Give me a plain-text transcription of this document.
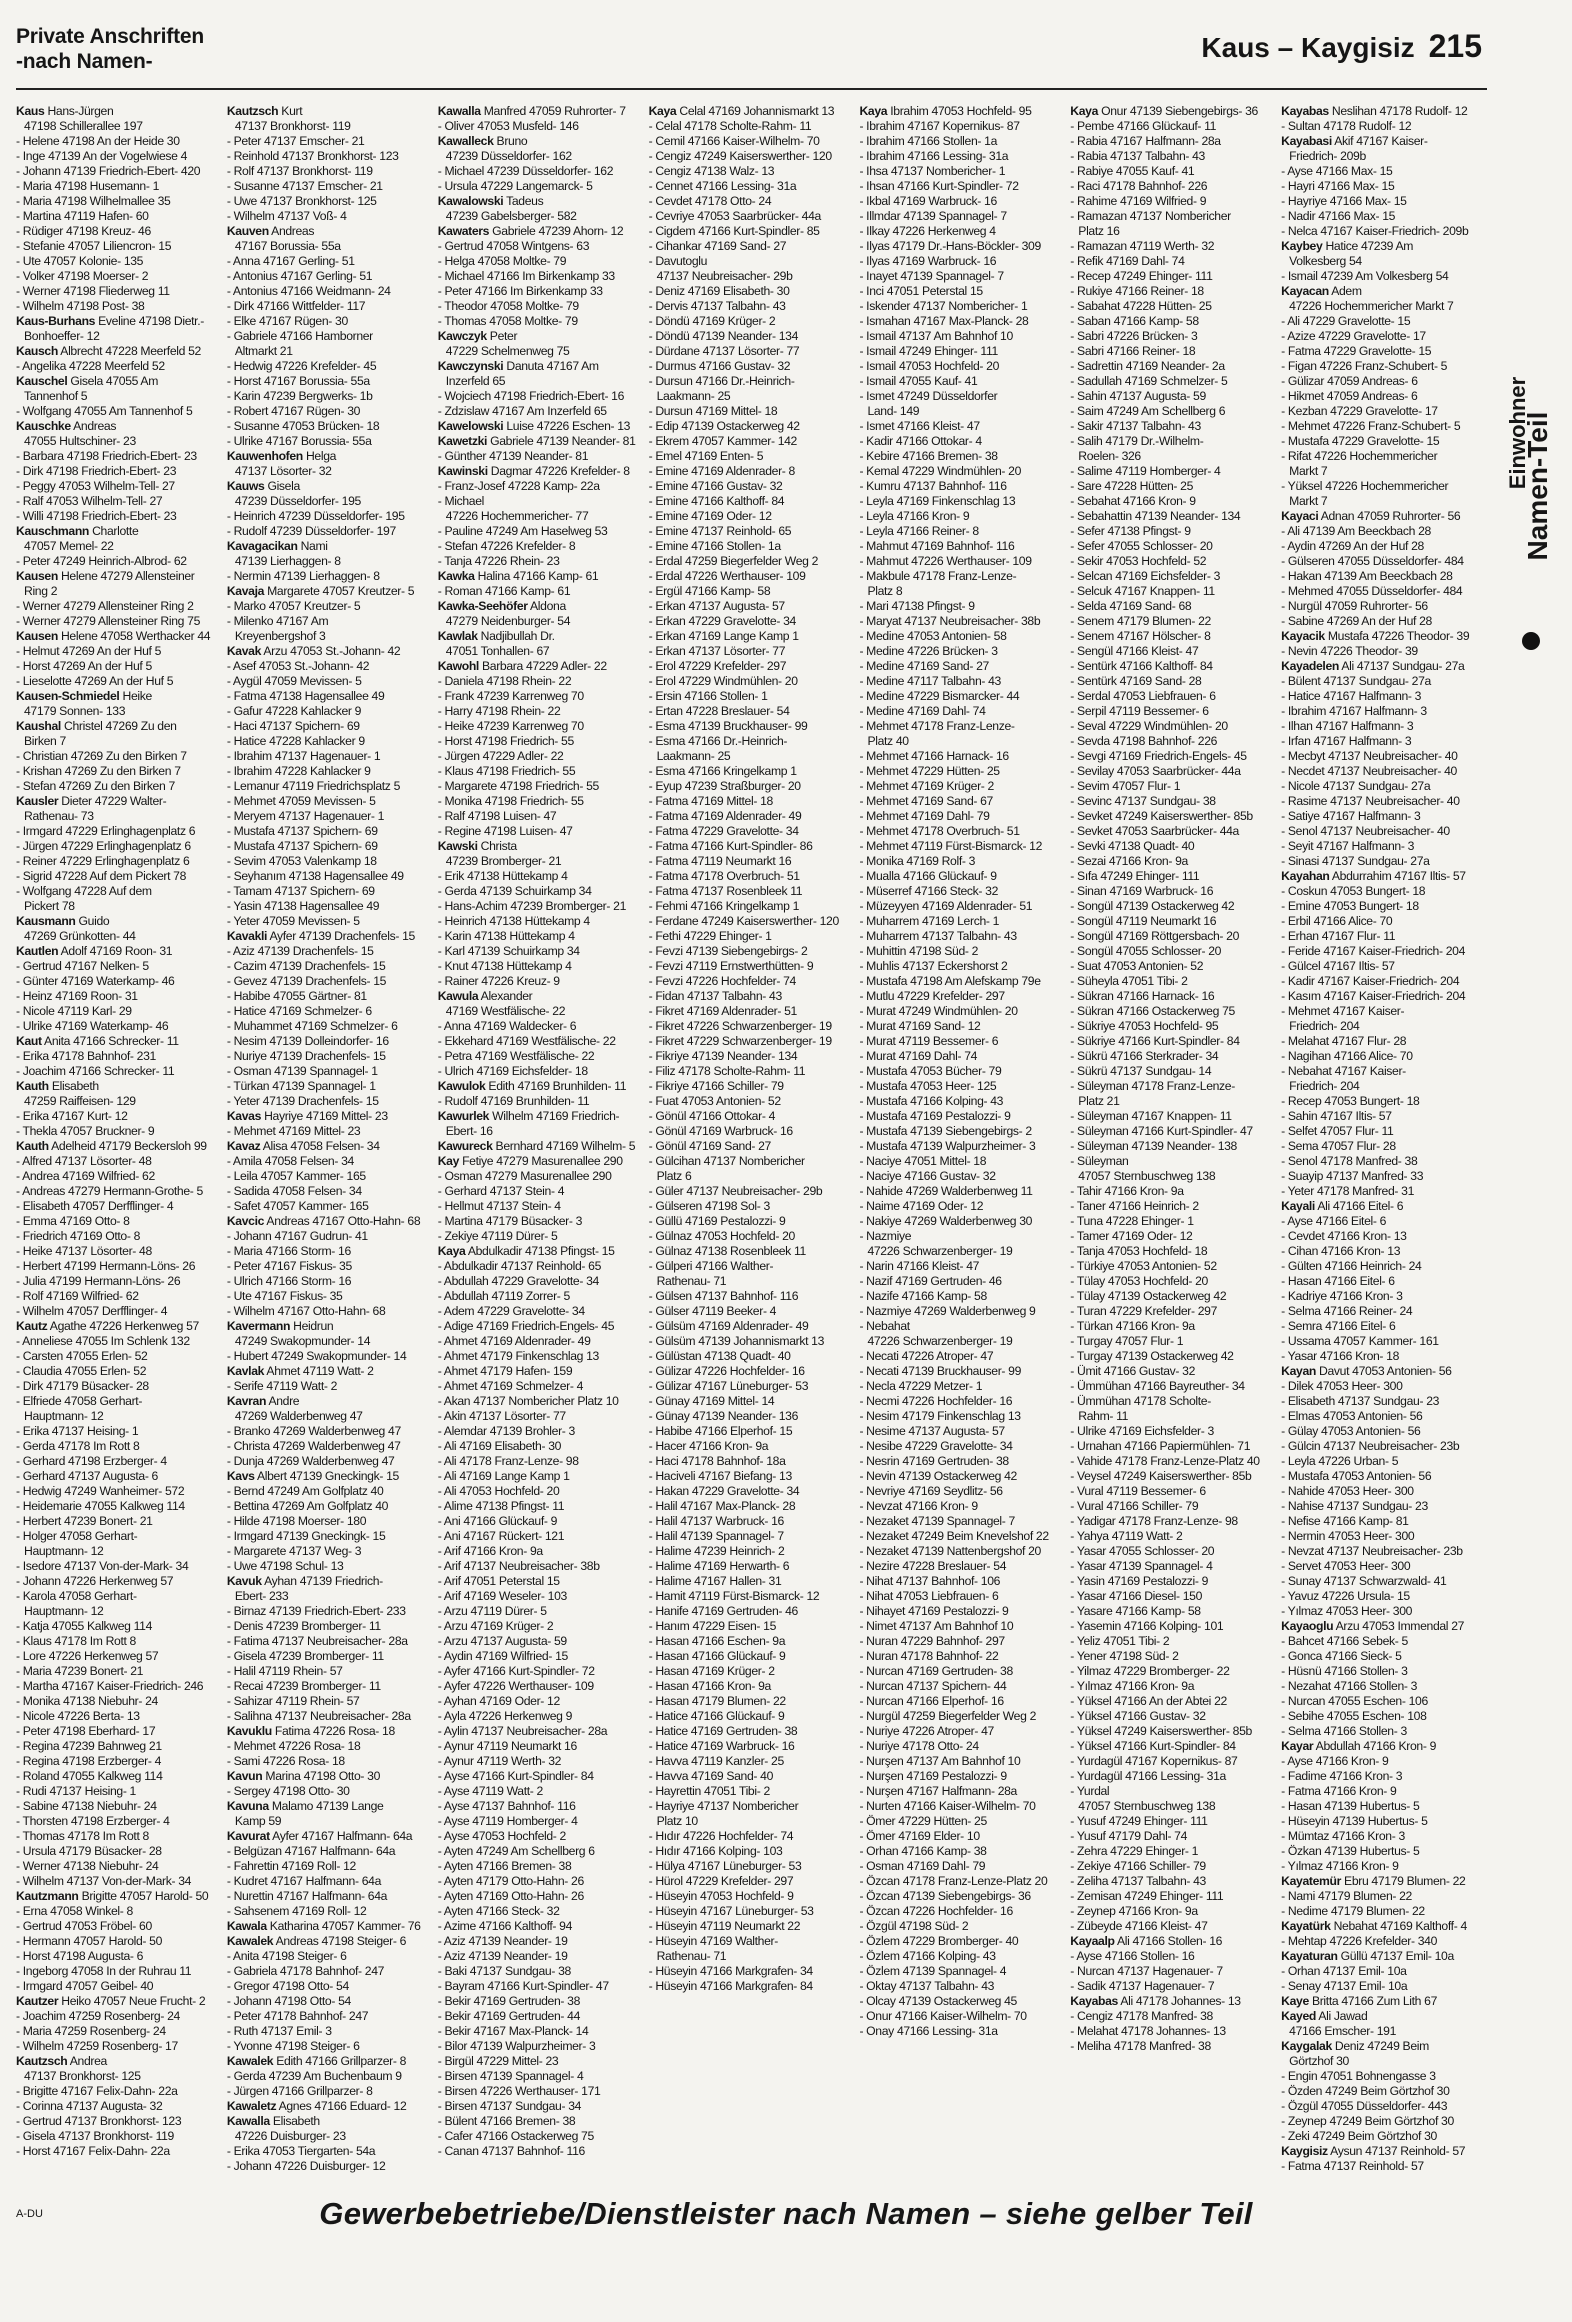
Private Anschriften
-nach Namen-	Kaus – Kaygisiz 215
Kaus Hans-Jürgen
47198 Schillerallee 197
- Helene 47198 An der Heide 30
- Inge 47139 An der Vogelwiese 4
- Johann 47139 Friedrich-Ebert- 420
- Maria 47198 Husemann- 1
- Maria 47198 Wilhelmallee 35
- Martina 47119 Hafen- 60
- Rüdiger 47198 Kreuz- 46
- Stefanie 47057 Liliencron- 15
- Ute 47057 Kolonie- 135
- Volker 47198 Moerser- 2
- Werner 47198 Fliederweg 11
- Wilhelm 47198 Post- 38
Kaus-Burhans Eveline 47198 Dietr.-
Bonhoeffer- 12
Kausch Albrecht 47228 Meerfeld 52
- Angelika 47228 Meerfeld 52
Kauschel Gisela 47055 Am
Tannenhof 5
- Wolfgang 47055 Am Tannenhof 5
Kauschke Andreas
47055 Hultschiner- 23
- Barbara 47198 Friedrich-Ebert- 23
- Dirk 47198 Friedrich-Ebert- 23
- Peggy 47053 Wilhelm-Tell- 27
- Ralf 47053 Wilhelm-Tell- 27
- Willi 47198 Friedrich-Ebert- 23
Kauschmann Charlotte
47057 Memel- 22
- Peter 47249 Heinrich-Albrod- 62
Kausen Helene 47279 Allensteiner
Ring 2
- Werner 47279 Allensteiner Ring 2
- Werner 47279 Allensteiner Ring 75
Kausen Helene 47058 Werthacker 44
- Helmut 47269 An der Huf 5
- Horst 47269 An der Huf 5
- Lieselotte 47269 An der Huf 5
Kausen-Schmiedel Heike
47179 Sonnen- 133
Kaushal Christel 47269 Zu den
Birken 7
- Christian 47269 Zu den Birken 7
- Krishan 47269 Zu den Birken 7
- Stefan 47269 Zu den Birken 7
Kausler Dieter 47229 Walter-
Rathenau- 73
- Irmgard 47229 Erlinghagenplatz 6
- Jürgen 47229 Erlinghagenplatz 6
- Reiner 47229 Erlinghagenplatz 6
- Sigrid 47228 Auf dem Pickert 78
- Wolfgang 47228 Auf dem
Pickert 78
Kausmann Guido
47269 Grünkotten- 44
Kautlen Adolf 47169 Roon- 31
- Gertrud 47167 Nelken- 5
- Günter 47169 Waterkamp- 46
- Heinz 47169 Roon- 31
- Nicole 47119 Karl- 29
- Ulrike 47169 Waterkamp- 46
Kaut Anita 47166 Schrecker- 11
- Erika 47178 Bahnhof- 231
- Joachim 47166 Schrecker- 11
Kauth Elisabeth
47259 Raiffeisen- 129
- Erika 47167 Kurt- 12
- Thekla 47057 Bruckner- 9
Kauth Adelheid 47179 Beckersloh 99
- Alfred 47137 Lösorter- 48
- Andrea 47169 Wilfried- 62
- Andreas 47279 Hermann-Grothe- 5
- Elisabeth 47057 Derfflinger- 4
- Emma 47169 Otto- 8
- Friedrich 47169 Otto- 8
- Heike 47137 Lösorter- 48
- Herbert 47199 Hermann-Löns- 26
- Julia 47199 Hermann-Löns- 26
- Rolf 47169 Wilfried- 62
- Wilhelm 47057 Derfflinger- 4
Kautz Agathe 47226 Herkenweg 57
- Anneliese 47055 Im Schlenk 132
- Carsten 47055 Erlen- 52
- Claudia 47055 Erlen- 52
- Dirk 47179 Büsacker- 28
- Elfriede 47058 Gerhart-
Hauptmann- 12
- Erika 47137 Heising- 1
- Gerda 47178 Im Rott 8
- Gerhard 47198 Erzberger- 4
- Gerhard 47137 Augusta- 6
- Hedwig 47249 Wanheimer- 572
- Heidemarie 47055 Kalkweg 114
- Herbert 47239 Bonert- 21
- Holger 47058 Gerhart-
Hauptmann- 12
- Isedore 47137 Von-der-Mark- 34
- Johann 47226 Herkenweg 57
- Karola 47058 Gerhart-
Hauptmann- 12
- Katja 47055 Kalkweg 114
- Klaus 47178 Im Rott 8
- Lore 47226 Herkenweg 57
- Maria 47239 Bonert- 21
- Martha 47167 Kaiser-Friedrich- 246
- Monika 47138 Niebuhr- 24
- Nicole 47226 Berta- 13
- Peter 47198 Eberhard- 17
- Regina 47239 Bahnweg 21
- Regina 47198 Erzberger- 4
- Roland 47055 Kalkweg 114
- Rudi 47137 Heising- 1
- Sabine 47138 Niebuhr- 24
- Thorsten 47198 Erzberger- 4
- Thomas 47178 Im Rott 8
- Ursula 47179 Büsacker- 28
- Werner 47138 Niebuhr- 24
- Wilhelm 47137 Von-der-Mark- 34
Kautzmann Brigitte 47057 Harold- 50
- Erna 47058 Winkel- 8
- Gertrud 47053 Fröbel- 60
- Hermann 47057 Harold- 50
- Horst 47198 Augusta- 6
- Ingeborg 47058 In der Ruhrau 11
- Irmgard 47057 Geibel- 40
Kautzer Heiko 47057 Neue Frucht- 2
- Joachim 47259 Rosenberg- 24
- Maria 47259 Rosenberg- 24
- Wilhelm 47259 Rosenberg- 17
Kautzsch Andrea
47137 Bronkhorst- 125
- Brigitte 47167 Felix-Dahn- 22a
- Corinna 47137 Augusta- 32
- Gertrud 47137 Bronkhorst- 123
- Gisela 47137 Bronkhorst- 119
- Horst 47167 Felix-Dahn- 22a
Kautzsch Kurt
47137 Bronkhorst- 119
- Peter 47137 Emscher- 21
- Reinhold 47137 Bronkhorst- 123
- Rolf 47137 Bronkhorst- 119
- Susanne 47137 Emscher- 21
- Uwe 47137 Bronkhorst- 125
- Wilhelm 47137 Voß- 4
Kauven Andreas
47167 Borussia- 55a
- Anna 47167 Gerling- 51
- Antonius 47167 Gerling- 51
- Antonius 47166 Weidmann- 24
- Dirk 47166 Wittfelder- 117
- Elke 47167 Rügen- 30
- Gabriele 47166 Hamborner
Altmarkt 21
- Hedwig 47226 Krefelder- 45
- Horst 47167 Borussia- 55a
- Karin 47239 Bergwerks- 1b
- Robert 47167 Rügen- 30
- Susanne 47053 Brücken- 18
- Ulrike 47167 Borussia- 55a
Kauwenhofen Helga
47137 Lösorter- 32
Kauws Gisela
47239 Düsseldorfer- 195
- Heinrich 47239 Düsseldorfer- 195
- Rudolf 47239 Düsseldorfer- 197
Kavagacikan Nami
47139 Lierhaggen- 8
- Nermin 47139 Lierhaggen- 8
Kavaja Margarete 47057 Kreutzer- 5
- Marko 47057 Kreutzer- 5
- Milenko 47167 Am
Kreyenbergshof 3
Kavak Arzu 47053 St.-Johann- 42
- Asef 47053 St.-Johann- 42
- Aygül 47059 Mevissen- 5
- Fatma 47138 Hagensallee 49
- Gafur 47228 Kahlacker 9
- Haci 47137 Spichern- 69
- Hatice 47228 Kahlacker 9
- Ibrahim 47137 Hagenauer- 1
- Ibrahim 47228 Kahlacker 9
- Lemanur 47119 Friedrichsplatz 5
- Mehmet 47059 Mevissen- 5
- Meryem 47137 Hagenauer- 1
- Mustafa 47137 Spichern- 69
- Mustafa 47137 Spichern- 69
- Sevim 47053 Valenkamp 18
- Seyhanım 47138 Hagensallee 49
- Tamam 47137 Spichern- 69
- Yasin 47138 Hagensallee 49
- Yeter 47059 Mevissen- 5
Kavakli Ayfer 47139 Drachenfels- 15
- Aziz 47139 Drachenfels- 15
- Cazim 47139 Drachenfels- 15
- Gevez 47139 Drachenfels- 15
- Habibe 47055 Gärtner- 81
- Hatice 47169 Schmelzer- 6
- Muhammet 47169 Schmelzer- 6
- Nesim 47139 Dolleindorfer- 16
- Nuriye 47139 Drachenfels- 15
- Osman 47139 Spannagel- 1
- Türkan 47139 Spannagel- 1
- Yeter 47139 Drachenfels- 15
Kavas Hayriye 47169 Mittel- 23
- Mehmet 47169 Mittel- 23
Kavaz Alisa 47058 Felsen- 34
- Amila 47058 Felsen- 34
- Leila 47057 Kammer- 165
- Sadida 47058 Felsen- 34
- Safet 47057 Kammer- 165
Kavcic Andreas 47167 Otto-Hahn- 68
- Johann 47167 Gudrun- 41
- Maria 47166 Storm- 16
- Peter 47167 Fiskus- 35
- Ulrich 47166 Storm- 16
- Ute 47167 Fiskus- 35
- Wilhelm 47167 Otto-Hahn- 68
Kavermann Heidrun
47249 Swakopmunder- 14
- Hubert 47249 Swakopmunder- 14
Kavlak Ahmet 47119 Watt- 2
- Serife 47119 Watt- 2
Kavran Andre
47269 Walderbenweg 47
- Branko 47269 Walderbenweg 47
- Christa 47269 Walderbenweg 47
- Dunja 47269 Walderbenweg 47
Kavs Albert 47139 Gneckingk- 15
- Bernd 47249 Am Golfplatz 40
- Bettina 47269 Am Golfplatz 40
- Hilde 47198 Moerser- 180
- Irmgard 47139 Gneckingk- 15
- Margarete 47137 Weg- 3
- Uwe 47198 Schul- 13
Kavuk Ayhan 47139 Friedrich-
Ebert- 233
- Birnaz 47139 Friedrich-Ebert- 233
- Denis 47239 Bromberger- 11
- Fatima 47137 Neubreisacher- 28a
- Gisela 47239 Bromberger- 11
- Halil 47119 Rhein- 57
- Recai 47239 Bromberger- 11
- Sahizar 47119 Rhein- 57
- Salihna 47137 Neubreisacher- 28a
Kavuklu Fatima 47226 Rosa- 18
- Mehmet 47226 Rosa- 18
- Sami 47226 Rosa- 18
Kavun Marina 47198 Otto- 30
- Sergey 47198 Otto- 30
Kavuna Malamo 47139 Lange
Kamp 59
Kavurat Ayfer 47167 Halfmann- 64a
- Belgüzan 47167 Halfmann- 64a
- Fahrettin 47169 Roll- 12
- Kudret 47167 Halfmann- 64a
- Nurettin 47167 Halfmann- 64a
- Sahsenem 47169 Roll- 12
Kawala Katharina 47057 Kammer- 76
Kawalek Andreas 47198 Steiger- 6
- Anita 47198 Steiger- 6
- Gabriela 47178 Bahnhof- 247
- Gregor 47198 Otto- 54
- Johann 47198 Otto- 54
- Peter 47178 Bahnhof- 247
- Ruth 47137 Emil- 3
- Yvonne 47198 Steiger- 6
Kawalek Edith 47166 Grillparzer- 8
- Gerda 47239 Am Buchenbaum 9
- Jürgen 47166 Grillparzer- 8
Kawaletz Agnes 47166 Eduard- 12
Kawalla Elisabeth
47226 Duisburger- 23
- Erika 47053 Tiergarten- 54a
- Johann 47226 Duisburger- 12
Kawalla Manfred 47059 Ruhrorter- 7
- Oliver 47053 Musfeld- 146
Kawalleck Bruno
47239 Düsseldorfer- 162
- Michael 47239 Düsseldorfer- 162
- Ursula 47229 Langemarck- 5
Kawalowski Tadeus
47239 Gabelsberger- 582
Kawaters Gabriele 47239 Ahorn- 12
- Gertrud 47058 Wintgens- 63
- Helga 47058 Moltke- 79
- Michael 47166 Im Birkenkamp 33
- Peter 47166 Im Birkenkamp 33
- Theodor 47058 Moltke- 79
- Thomas 47058 Moltke- 79
Kawczyk Peter
47229 Schelmenweg 75
Kawczynski Danuta 47167 Am
Inzerfeld 65
- Wojciech 47198 Friedrich-Ebert- 16
- Zdzislaw 47167 Am Inzerfeld 65
Kawelowski Luise 47226 Eschen- 13
Kawetzki Gabriele 47139 Neander- 81
- Günther 47139 Neander- 81
Kawinski Dagmar 47226 Krefelder- 8
- Franz-Josef 47228 Kamp- 22a
- Michael
47226 Hochemmericher- 77
- Pauline 47249 Am Haselweg 53
- Stefan 47226 Krefelder- 8
- Tanja 47226 Rhein- 23
Kawka Halina 47166 Kamp- 61
- Roman 47166 Kamp- 61
Kawka-Seehöfer Aldona
47279 Neidenburger- 54
Kawlak Nadjibullah Dr.
47051 Tonhallen- 67
Kawohl Barbara 47229 Adler- 22
- Daniela 47198 Rhein- 22
- Frank 47239 Karrenweg 70
- Harry 47198 Rhein- 22
- Heike 47239 Karrenweg 70
- Horst 47198 Friedrich- 55
- Jürgen 47229 Adler- 22
- Klaus 47198 Friedrich- 55
- Margarete 47198 Friedrich- 55
- Monika 47198 Friedrich- 55
- Ralf 47198 Luisen- 47
- Regine 47198 Luisen- 47
Kawski Christa
47239 Bromberger- 21
- Erik 47138 Hüttekamp 4
- Gerda 47139 Schuirkamp 34
- Hans-Achim 47239 Bromberger- 21
- Heinrich 47138 Hüttekamp 4
- Karin 47138 Hüttekamp 4
- Karl 47139 Schuirkamp 34
- Knut 47138 Hüttekamp 4
- Rainer 47226 Kreuz- 9
Kawula Alexander
47169 Westfälische- 22
- Anna 47169 Waldecker- 6
- Ekkehard 47169 Westfälische- 22
- Petra 47169 Westfälische- 22
- Ulrich 47169 Eichsfelder- 18
Kawulok Edith 47169 Brunhilden- 11
- Rudolf 47169 Brunhilden- 11
Kawurlek Wilhelm 47169 Friedrich-
Ebert- 16
Kawureck Bernhard 47169 Wilhelm- 5
Kay Fetiye 47279 Masurenallee 290
- Osman 47279 Masurenallee 290
- Gerhard 47137 Stein- 4
- Hellmut 47137 Stein- 4
- Martina 47179 Büsacker- 3
- Zekiye 47119 Dürer- 5
Kaya Abdulkadir 47138 Pfingst- 15
- Abdulkadir 47137 Reinhold- 65
- Abdullah 47229 Gravelotte- 34
- Abdullah 47119 Zorrer- 5
- Adem 47229 Gravelotte- 34
- Adige 47169 Friedrich-Engels- 45
- Ahmet 47169 Aldenrader- 49
- Ahmet 47179 Finkenschlag 13
- Ahmet 47179 Hafen- 159
- Ahmet 47169 Schmelzer- 4
- Akan 47137 Nombericher Platz 10
- Akin 47137 Lösorter- 77
- Alemdar 47139 Brohler- 3
- Ali 47169 Elisabeth- 30
- Ali 47178 Franz-Lenze- 98
- Ali 47169 Lange Kamp 1
- Ali 47053 Hochfeld- 20
- Alime 47138 Pfingst- 11
- Ani 47166 Glückauf- 9
- Ani 47167 Rückert- 121
- Arif 47166 Kron- 9a
- Arif 47137 Neubreisacher- 38b
- Arif 47051 Peterstal 15
- Arif 47169 Weseler- 103
- Arzu 47119 Dürer- 5
- Arzu 47169 Krüger- 2
- Arzu 47137 Augusta- 59
- Aydin 47169 Wilfried- 15
- Ayfer 47166 Kurt-Spindler- 72
- Ayfer 47226 Werthauser- 109
- Ayhan 47169 Oder- 12
- Ayla 47226 Herkenweg 9
- Aylin 47137 Neubreisacher- 28a
- Aynur 47119 Neumarkt 16
- Aynur 47119 Werth- 32
- Ayse 47166 Kurt-Spindler- 84
- Ayse 47119 Watt- 2
- Ayse 47137 Bahnhof- 116
- Ayse 47119 Homberger- 4
- Ayse 47053 Hochfeld- 2
- Ayten 47249 Am Schellberg 6
- Ayten 47166 Bremen- 38
- Ayten 47179 Otto-Hahn- 26
- Ayten 47169 Otto-Hahn- 26
- Ayten 47166 Steck- 32
- Azime 47166 Kalthoff- 94
- Aziz 47139 Neander- 19
- Aziz 47139 Neander- 19
- Baki 47137 Sundgau- 38
- Bayram 47166 Kurt-Spindler- 47
- Bekir 47169 Gertruden- 38
- Bekir 47169 Gertruden- 44
- Bekir 47167 Max-Planck- 14
- Bilor 47139 Walpurzheimer- 3
- Birgül 47229 Mittel- 23
- Birsen 47139 Spannagel- 4
- Birsen 47226 Werthauser- 171
- Birsen 47137 Sundgau- 34
- Bülent 47166 Bremen- 38
- Cafer 47166 Ostackerweg 75
- Canan 47137 Bahnhof- 116
Kaya Celal 47169 Johannismarkt 13
- Celal 47178 Scholte-Rahm- 11
- Cemil 47166 Kaiser-Wilhelm- 70
- Cengiz 47249 Kaiserswerther- 120
- Cengiz 47138 Walz- 13
- Cennet 47166 Lessing- 31a
- Cevdet 47178 Otto- 24
- Cevriye 47053 Saarbrücker- 44a
- Cigdem 47166 Kurt-Spindler- 85
- Cihankar 47169 Sand- 27
- Davutoglu
47137 Neubreisacher- 29b
- Deniz 47169 Elisabeth- 30
- Dervis 47137 Talbahn- 43
- Döndü 47169 Krüger- 2
- Döndü 47139 Neander- 134
- Dürdane 47137 Lösorter- 77
- Durmus 47166 Gustav- 32
- Dursun 47166 Dr.-Heinrich-
Laakmann- 25
- Dursun 47169 Mittel- 18
- Edip 47139 Ostackerweg 42
- Ekrem 47057 Kammer- 142
- Emel 47169 Enten- 5
- Emine 47169 Aldenrader- 8
- Emine 47166 Gustav- 32
- Emine 47166 Kalthoff- 84
- Emine 47169 Oder- 12
- Emine 47137 Reinhold- 65
- Emine 47166 Stollen- 1a
- Erdal 47259 Biegerfelder Weg 2
- Erdal 47226 Werthauser- 109
- Ergül 47166 Kamp- 58
- Erkan 47137 Augusta- 57
- Erkan 47229 Gravelotte- 34
- Erkan 47169 Lange Kamp 1
- Erkan 47137 Lösorter- 77
- Erol 47229 Krefelder- 297
- Erol 47229 Windmühlen- 20
- Ersin 47166 Stollen- 1
- Ertan 47228 Breslauer- 54
- Esma 47139 Bruckhauser- 99
- Esma 47166 Dr.-Heinrich-
Laakmann- 25
- Esma 47166 Kringelkamp 1
- Eyup 47239 Straßburger- 20
- Fatma 47169 Mittel- 18
- Fatma 47169 Aldenrader- 49
- Fatma 47229 Gravelotte- 34
- Fatma 47166 Kurt-Spindler- 86
- Fatma 47119 Neumarkt 16
- Fatma 47178 Overbruch- 51
- Fatma 47137 Rosenbleek 11
- Fehmi 47166 Kringelkamp 1
- Ferdane 47249 Kaiserswerther- 120
- Fethi 47229 Ehinger- 1
- Fevzi 47139 Siebengebirgs- 2
- Fevzi 47119 Ernstwerthütten- 9
- Fevzi 47226 Hochfelder- 74
- Fidan 47137 Talbahn- 43
- Fikret 47169 Aldenrader- 51
- Fikret 47226 Schwarzenberger- 19
- Fikret 47229 Schwarzenberger- 19
- Fikriye 47139 Neander- 134
- Filiz 47178 Scholte-Rahm- 11
- Fikriye 47166 Schiller- 79
- Fuat 47053 Antonien- 52
- Gönül 47166 Ottokar- 4
- Gönül 47169 Warbruck- 16
- Gönül 47169 Sand- 27
- Gülcihan 47137 Nombericher
Platz 6
- Güler 47137 Neubreisacher- 29b
- Gülseren 47198 Sol- 3
- Güllü 47169 Pestalozzi- 9
- Gülnaz 47053 Hochfeld- 20
- Gülnaz 47138 Rosenbleek 11
- Gülperi 47166 Walther-
Rathenau- 71
- Gülsen 47137 Bahnhof- 116
- Gülser 47119 Beeker- 4
- Gülsüm 47169 Aldenrader- 49
- Gülsüm 47139 Johannismarkt 13
- Gülüstan 47138 Quadt- 40
- Gülizar 47226 Hochfelder- 16
- Gülizar 47167 Lüneburger- 53
- Günay 47169 Mittel- 14
- Günay 47139 Neander- 136
- Habibe 47166 Elperhof- 15
- Hacer 47166 Kron- 9a
- Haci 47178 Bahnhof- 18a
- Haciveli 47167 Biefang- 13
- Hakan 47229 Gravelotte- 34
- Halil 47167 Max-Planck- 28
- Halil 47137 Warbruck- 16
- Halil 47139 Spannagel- 7
- Halime 47239 Heinrich- 2
- Halime 47169 Herwarth- 6
- Halime 47167 Hallen- 31
- Hamit 47119 Fürst-Bismarck- 12
- Hanife 47169 Gertruden- 46
- Hanım 47229 Eisen- 15
- Hasan 47166 Eschen- 9a
- Hasan 47166 Glückauf- 9
- Hasan 47169 Krüger- 2
- Hasan 47166 Kron- 9a
- Hasan 47179 Blumen- 22
- Hatice 47166 Glückauf- 9
- Hatice 47169 Gertruden- 38
- Hatice 47169 Warbruck- 16
- Havva 47119 Kanzler- 25
- Havva 47169 Sand- 40
- Hayrettin 47051 Tibi- 2
- Hayriye 47137 Nombericher
Platz 10
- Hıdır 47226 Hochfelder- 74
- Hıdır 47166 Kolping- 103
- Hülya 47167 Lüneburger- 53
- Hürol 47229 Krefelder- 297
- Hüseyin 47053 Hochfeld- 9
- Hüseyin 47167 Lüneburger- 53
- Hüseyin 47119 Neumarkt 22
- Hüseyin 47169 Walther-
Rathenau- 71
- Hüseyin 47166 Markgrafen- 34
- Hüseyin 47166 Markgrafen- 84
Kaya Ibrahim 47053 Hochfeld- 95
- Ibrahim 47167 Kopernikus- 87
- Ibrahim 47166 Stollen- 1a
- Ibrahim 47166 Lessing- 31a
- Ihsa 47137 Nombericher- 1
- Ihsan 47166 Kurt-Spindler- 72
- Ikbal 47169 Warbruck- 16
- Illmdar 47139 Spannagel- 7
- Ilkay 47226 Herkenweg 4
- Ilyas 47179 Dr.-Hans-Böckler- 309
- Ilyas 47169 Warbruck- 16
- Inayet 47139 Spannagel- 7
- Inci 47051 Peterstal 15
- Iskender 47137 Nombericher- 1
- Ismahan 47167 Max-Planck- 28
- Ismail 47137 Am Bahnhof 10
- Ismail 47249 Ehinger- 111
- Ismail 47053 Hochfeld- 20
- Ismail 47055 Kauf- 41
- Ismet 47249 Düsseldorfer
Land- 149
- Ismet 47166 Kleist- 47
- Kadir 47166 Ottokar- 4
- Kebire 47166 Bremen- 38
- Kemal 47229 Windmühlen- 20
- Kumru 47137 Bahnhof- 116
- Leyla 47169 Finkenschlag 13
- Leyla 47166 Kron- 9
- Leyla 47166 Reiner- 8
- Mahmut 47169 Bahnhof- 116
- Mahmut 47226 Werthauser- 109
- Makbule 47178 Franz-Lenze-
Platz 8
- Mari 47138 Pfingst- 9
- Maryat 47137 Neubreisacher- 38b
- Medine 47053 Antonien- 58
- Medine 47226 Brücken- 3
- Medine 47169 Sand- 27
- Medine 47117 Talbahn- 43
- Medine 47229 Bismarcker- 44
- Medine 47169 Dahl- 74
- Mehmet 47178 Franz-Lenze-
Platz 40
- Mehmet 47166 Harnack- 16
- Mehmet 47229 Hütten- 25
- Mehmet 47169 Krüger- 2
- Mehmet 47169 Sand- 67
- Mehmet 47169 Dahl- 79
- Mehmet 47178 Overbruch- 51
- Mehmet 47119 Fürst-Bismarck- 12
- Monika 47169 Rolf- 3
- Mualla 47166 Glückauf- 9
- Müserref 47166 Steck- 32
- Müzeyyen 47169 Aldenrader- 51
- Muharrem 47169 Lerch- 1
- Muharrem 47137 Talbahn- 43
- Muhittin 47198 Süd- 2
- Muhlis 47137 Eckershorst 2
- Mustafa 47198 Am Alefskamp 79e
- Mutlu 47229 Krefelder- 297
- Murat 47249 Windmühlen- 20
- Murat 47169 Sand- 12
- Murat 47119 Bessemer- 6
- Murat 47169 Dahl- 74
- Mustafa 47053 Bücher- 79
- Mustafa 47053 Heer- 125
- Mustafa 47166 Kolping- 43
- Mustafa 47169 Pestalozzi- 9
- Mustafa 47139 Siebengebirgs- 2
- Mustafa 47139 Walpurzheimer- 3
- Naciye 47051 Mittel- 18
- Naciye 47166 Gustav- 32
- Nahide 47269 Walderbenweg 11
- Naime 47169 Oder- 12
- Nakiye 47269 Walderbenweg 30
- Nazmiye
47226 Schwarzenberger- 19
- Narin 47166 Kleist- 47
- Nazif 47169 Gertruden- 46
- Nazife 47166 Kamp- 58
- Nazmiye 47269 Walderbenweg 9
- Nebahat
47226 Schwarzenberger- 19
- Necati 47226 Atroper- 47
- Necati 47139 Bruckhauser- 99
- Necla 47229 Metzer- 1
- Necmi 47226 Hochfelder- 16
- Nesim 47179 Finkenschlag 13
- Nesime 47137 Augusta- 57
- Nesibe 47229 Gravelotte- 34
- Nesrin 47169 Gertruden- 38
- Nevin 47139 Ostackerweg 42
- Nevriye 47169 Seydlitz- 56
- Nevzat 47166 Kron- 9
- Nezaket 47139 Spannagel- 7
- Nezaket 47249 Beim Knevelshof 22
- Nezaket 47139 Nattenbergshof 20
- Nezire 47228 Breslauer- 54
- Nihat 47137 Bahnhof- 106
- Nihat 47053 Liebfrauen- 6
- Nihayet 47169 Pestalozzi- 9
- Nimet 47137 Am Bahnhof 10
- Nuran 47229 Bahnhof- 297
- Nuran 47178 Bahnhof- 22
- Nurcan 47169 Gertruden- 38
- Nurcan 47137 Spichern- 44
- Nurcan 47166 Elperhof- 16
- Nurgül 47259 Biegerfelder Weg 2
- Nuriye 47226 Atroper- 47
- Nuriye 47178 Otto- 24
- Nurşen 47137 Am Bahnhof 10
- Nurşen 47169 Pestalozzi- 9
- Nurşen 47167 Halfmann- 28a
- Nurten 47166 Kaiser-Wilhelm- 70
- Ömer 47229 Hütten- 25
- Ömer 47169 Elder- 10
- Orhan 47166 Kamp- 38
- Osman 47169 Dahl- 79
- Özcan 47178 Franz-Lenze-Platz 20
- Özcan 47139 Siebengebirgs- 36
- Özcan 47226 Hochfelder- 16
- Özgül 47198 Süd- 2
- Özlem 47229 Bromberger- 40
- Özlem 47166 Kolping- 43
- Özlem 47139 Spannagel- 4
- Oktay 47137 Talbahn- 43
- Olcay 47139 Ostackerweg 45
- Onur 47166 Kaiser-Wilhelm- 70
- Onay 47166 Lessing- 31a
Kaya Onur 47139 Siebengebirgs- 36
- Pembe 47166 Glückauf- 11
- Rabia 47167 Halfmann- 28a
- Rabia 47137 Talbahn- 43
- Rabiye 47055 Kauf- 41
- Raci 47178 Bahnhof- 226
- Rahime 47169 Wilfried- 9
- Ramazan 47137 Nombericher
Platz 16
- Ramazan 47119 Werth- 32
- Refik 47169 Dahl- 74
- Recep 47249 Ehinger- 111
- Rukiye 47166 Reiner- 18
- Sabahat 47228 Hütten- 25
- Saban 47166 Kamp- 58
- Sabri 47226 Brücken- 3
- Sabri 47166 Reiner- 18
- Sadrettin 47169 Neander- 2a
- Sadullah 47169 Schmelzer- 5
- Sahin 47137 Augusta- 59
- Saim 47249 Am Schellberg 6
- Sakir 47137 Talbahn- 43
- Salih 47179 Dr.-Wilhelm-
Roelen- 326
- Salime 47119 Homberger- 4
- Sare 47228 Hütten- 25
- Sebahat 47166 Kron- 9
- Sebahattin 47139 Neander- 134
- Sefer 47138 Pfingst- 9
- Sefer 47055 Schlosser- 20
- Sekir 47053 Hochfeld- 52
- Selcan 47169 Eichsfelder- 3
- Selcuk 47167 Knappen- 11
- Selda 47169 Sand- 68
- Senem 47179 Blumen- 22
- Senem 47167 Hölscher- 8
- Sengül 47166 Kleist- 47
- Sentürk 47166 Kalthoff- 84
- Sentürk 47169 Sand- 28
- Serdal 47053 Liebfrauen- 6
- Serpil 47119 Bessemer- 6
- Seval 47229 Windmühlen- 20
- Sevda 47198 Bahnhof- 226
- Sevgi 47169 Friedrich-Engels- 45
- Sevilay 47053 Saarbrücker- 44a
- Sevim 47057 Flur- 1
- Sevinc 47137 Sundgau- 38
- Sevket 47249 Kaiserswerther- 85b
- Sevket 47053 Saarbrücker- 44a
- Sevki 47138 Quadt- 40
- Sezai 47166 Kron- 9a
- Sıfa 47249 Ehinger- 111
- Sinan 47169 Warbruck- 16
- Songül 47139 Ostackerweg 42
- Songül 47119 Neumarkt 16
- Songül 47169 Röttgersbach- 20
- Songül 47055 Schlosser- 20
- Suat 47053 Antonien- 52
- Süheyla 47051 Tibi- 2
- Sükran 47166 Harnack- 16
- Sükran 47166 Ostackerweg 75
- Sükriye 47053 Hochfeld- 95
- Sükriye 47166 Kurt-Spindler- 84
- Sükrü 47166 Sterkrader- 34
- Sükrü 47137 Sundgau- 14
- Süleyman 47178 Franz-Lenze-
Platz 21
- Süleyman 47167 Knappen- 11
- Süleyman 47166 Kurt-Spindler- 47
- Süleyman 47139 Neander- 138
- Süleyman
47057 Sternbuschweg 138
- Tahir 47166 Kron- 9a
- Taner 47166 Heinrich- 2
- Tuna 47228 Ehinger- 1
- Tamer 47169 Oder- 12
- Tanja 47053 Hochfeld- 18
- Türkiye 47053 Antonien- 52
- Tülay 47053 Hochfeld- 20
- Tülay 47139 Ostackerweg 42
- Turan 47229 Krefelder- 297
- Türkan 47166 Kron- 9a
- Turgay 47057 Flur- 1
- Turgay 47139 Ostackerweg 42
- Ümit 47166 Gustav- 32
- Ümmühan 47166 Bayreuther- 34
- Ümmühan 47178 Scholte-
Rahm- 11
- Ulrike 47169 Eichsfelder- 3
- Urnahan 47166 Papiermühlen- 71
- Vahide 47178 Franz-Lenze-Platz 40
- Veysel 47249 Kaiserswerther- 85b
- Vural 47119 Bessemer- 6
- Vural 47166 Schiller- 79
- Yadigar 47178 Franz-Lenze- 98
- Yahya 47119 Watt- 2
- Yasar 47055 Schlosser- 20
- Yasar 47139 Spannagel- 4
- Yasin 47169 Pestalozzi- 9
- Yasar 47166 Diesel- 150
- Yasare 47166 Kamp- 58
- Yasemin 47166 Kolping- 101
- Yeliz 47051 Tibi- 2
- Yener 47198 Süd- 2
- Yilmaz 47229 Bromberger- 22
- Yılmaz 47166 Kron- 9a
- Yüksel 47166 An der Abtei 22
- Yüksel 47166 Gustav- 32
- Yüksel 47249 Kaiserswerther- 85b
- Yüksel 47166 Kurt-Spindler- 84
- Yurdagül 47167 Kopernikus- 87
- Yurdagül 47166 Lessing- 31a
- Yurdal
47057 Sternbuschweg 138
- Yusuf 47249 Ehinger- 111
- Yusuf 47179 Dahl- 74
- Zehra 47229 Ehinger- 1
- Zekiye 47166 Schiller- 79
- Zeliha 47137 Talbahn- 43
- Zemisan 47249 Ehinger- 111
- Zeynep 47166 Kron- 9a
- Zübeyde 47166 Kleist- 47
Kayaalp Ali 47166 Stollen- 16
- Ayse 47166 Stollen- 16
- Nurcan 47137 Hagenauer- 7
- Sadik 47137 Hagenauer- 7
Kayabas Ali 47178 Johannes- 13
- Cengiz 47178 Manfred- 38
- Melahat 47178 Johannes- 13
- Meliha 47178 Manfred- 38
Kayabas Neslihan 47178 Rudolf- 12
- Sultan 47178 Rudolf- 12
Kayabasi Akif 47167 Kaiser-
Friedrich- 209b
- Ayse 47166 Max- 15
- Hayri 47166 Max- 15
- Hayriye 47166 Max- 15
- Nadir 47166 Max- 15
- Nelca 47167 Kaiser-Friedrich- 209b
Kaybey Hatice 47239 Am
Volkesberg 54
- Ismail 47239 Am Volkesberg 54
Kayacan Adem
47226 Hochemmericher Markt 7
- Ali 47229 Gravelotte- 15
- Azize 47229 Gravelotte- 17
- Fatma 47229 Gravelotte- 15
- Figan 47226 Franz-Schubert- 5
- Gülizar 47059 Andreas- 6
- Hikmet 47059 Andreas- 6
- Kezban 47229 Gravelotte- 17
- Mehmet 47226 Franz-Schubert- 5
- Mustafa 47229 Gravelotte- 15
- Rifat 47226 Hochemmericher
Markt 7
- Yüksel 47226 Hochemmericher
Markt 7
Kayaci Adnan 47059 Ruhrorter- 56
- Ali 47139 Am Beeckbach 28
- Aydin 47269 An der Huf 28
- Gülseren 47055 Düsseldorfer- 484
- Hakan 47139 Am Beeckbach 28
- Mehmed 47055 Düsseldorfer- 484
- Nurgül 47059 Ruhrorter- 56
- Sabine 47269 An der Huf 28
Kayacik Mustafa 47226 Theodor- 39
- Nevin 47226 Theodor- 39
Kayadelen Ali 47137 Sundgau- 27a
- Bülent 47137 Sundgau- 27a
- Hatice 47167 Halfmann- 3
- Ibrahim 47167 Halfmann- 3
- Ilhan 47167 Halfmann- 3
- Irfan 47167 Halfmann- 3
- Mecbyt 47137 Neubreisacher- 40
- Necdet 47137 Neubreisacher- 40
- Nicole 47137 Sundgau- 27a
- Rasime 47137 Neubreisacher- 40
- Satiye 47167 Halfmann- 3
- Senol 47137 Neubreisacher- 40
- Seyit 47167 Halfmann- 3
- Sinasi 47137 Sundgau- 27a
Kayahan Abdurrahim 47167 Iltis- 57
- Coskun 47053 Bungert- 18
- Emine 47053 Bungert- 18
- Erbil 47166 Alice- 70
- Erhan 47167 Flur- 11
- Feride 47167 Kaiser-Friedrich- 204
- Gülcel 47167 Iltis- 57
- Kadir 47167 Kaiser-Friedrich- 204
- Kasım 47167 Kaiser-Friedrich- 204
- Mehmet 47167 Kaiser-
Friedrich- 204
- Melahat 47167 Flur- 28
- Nagihan 47166 Alice- 70
- Nebahat 47167 Kaiser-
Friedrich- 204
- Recep 47053 Bungert- 18
- Sahin 47167 Iltis- 57
- Selfet 47057 Flur- 11
- Sema 47057 Flur- 28
- Senol 47178 Manfred- 38
- Suayip 47137 Manfred- 33
- Yeter 47178 Manfred- 31
Kayali Ali 47166 Eitel- 6
- Ayse 47166 Eitel- 6
- Cevdet 47166 Kron- 13
- Cihan 47166 Kron- 13
- Gülten 47166 Heinrich- 24
- Hasan 47166 Eitel- 6
- Kadriye 47166 Kron- 3
- Selma 47166 Reiner- 24
- Semra 47166 Eitel- 6
- Ussama 47057 Kammer- 161
- Yasar 47166 Kron- 18
Kayan Davut 47053 Antonien- 56
- Dilek 47053 Heer- 300
- Elisabeth 47137 Sundgau- 23
- Elmas 47053 Antonien- 56
- Gülay 47053 Antonien- 56
- Gülcin 47137 Neubreisacher- 23b
- Leyla 47226 Urban- 5
- Mustafa 47053 Antonien- 56
- Nahide 47053 Heer- 300
- Nahise 47137 Sundgau- 23
- Nefise 47166 Kamp- 81
- Nermin 47053 Heer- 300
- Nevzat 47137 Neubreisacher- 23b
- Servet 47053 Heer- 300
- Sunay 47137 Schwarzwald- 41
- Yavuz 47226 Ursula- 15
- Yılmaz 47053 Heer- 300
Kayaoglu Arzu 47053 Immendal 27
- Bahcet 47166 Sebek- 5
- Gonca 47166 Sieck- 5
- Hüsnü 47166 Stollen- 3
- Nezahat 47166 Stollen- 3
- Nurcan 47055 Eschen- 106
- Sebihe 47055 Eschen- 108
- Selma 47166 Stollen- 3
Kayar Abdullah 47166 Kron- 9
- Ayse 47166 Kron- 9
- Fadime 47166 Kron- 3
- Fatma 47166 Kron- 9
- Hasan 47139 Hubertus- 5
- Hüseyin 47139 Hubertus- 5
- Mümtaz 47166 Kron- 3
- Özkan 47139 Hubertus- 5
- Yılmaz 47166 Kron- 9
Kayatemür Ebru 47179 Blumen- 22
- Nami 47179 Blumen- 22
- Nedime 47179 Blumen- 22
Kayatürk Nebahat 47169 Kalthoff- 4
- Mehtap 47226 Krefelder- 340
Kayaturan Güllü 47137 Emil- 10a
- Orhan 47137 Emil- 10a
- Senay 47137 Emil- 10a
Kaye Britta 47166 Zum Lith 67
Kayed Ali Jawad
47166 Emscher- 191
Kaygalak Deniz 47249 Beim
Görtzhof 30
- Engin 47051 Bohnengasse 3
- Özden 47249 Beim Görtzhof 30
- Özgül 47055 Düsseldorfer- 443
- Zeynep 47249 Beim Görtzhof 30
- Zeki 47249 Beim Görtzhof 30
Kaygisiz Aysun 47137 Reinhold- 57
- Fatma 47137 Reinhold- 57
Einwohner
Namen-Teil
A-DU	Gewerbebetriebe/Dienstleister nach Namen – siehe gelber Teil
